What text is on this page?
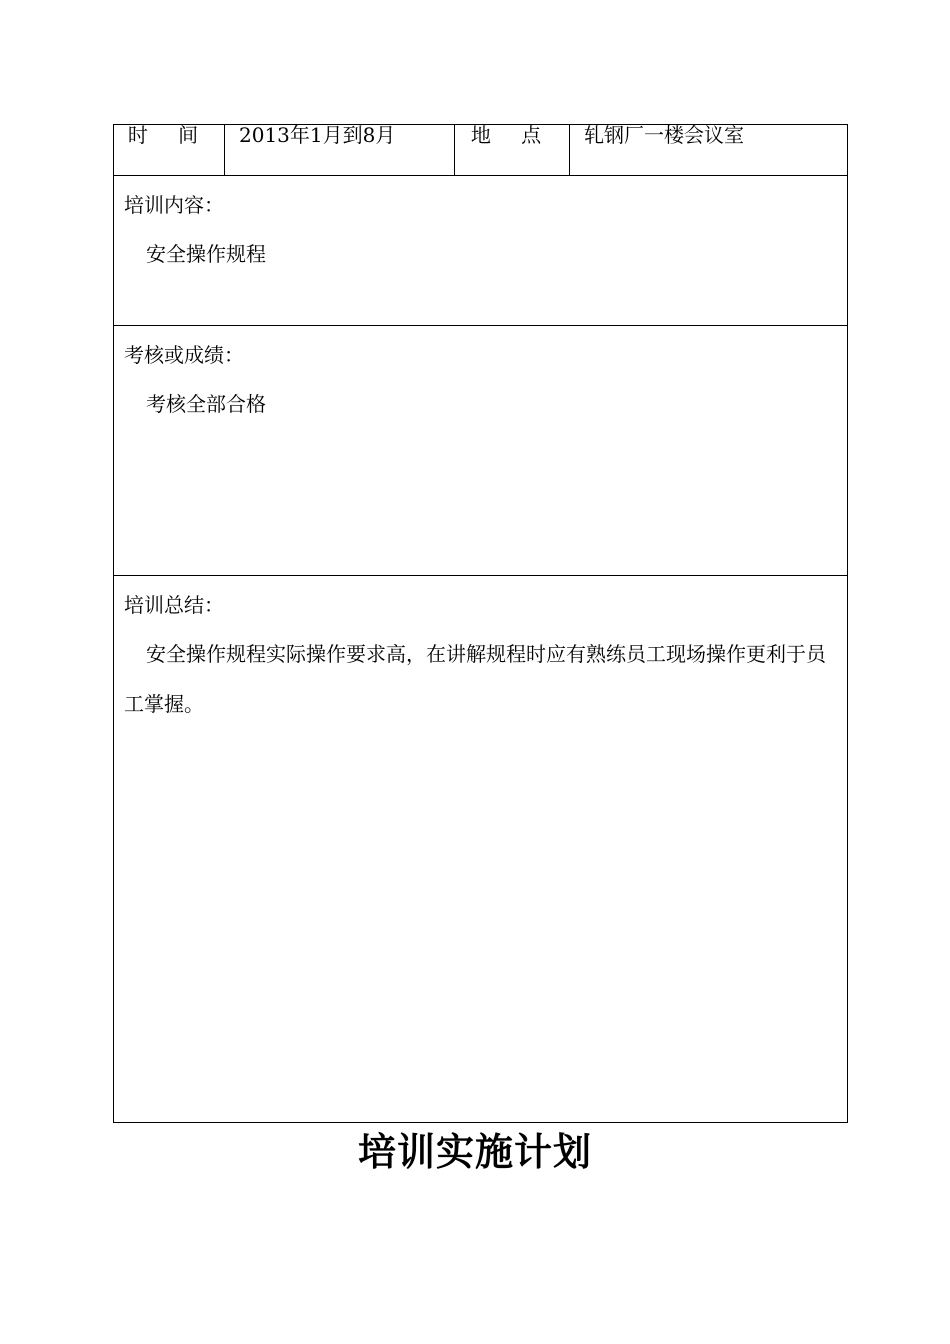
时 间	2013年1月到8月	地 点	轧钢厂一楼会议室

培训内容：
安全操作规程

考核或成绩：
考核全部合格

培训总结：
安全操作规程实际操作要求高，在讲解规程时应有熟练员工现场操作更利于员工掌握。
培训实施计划
